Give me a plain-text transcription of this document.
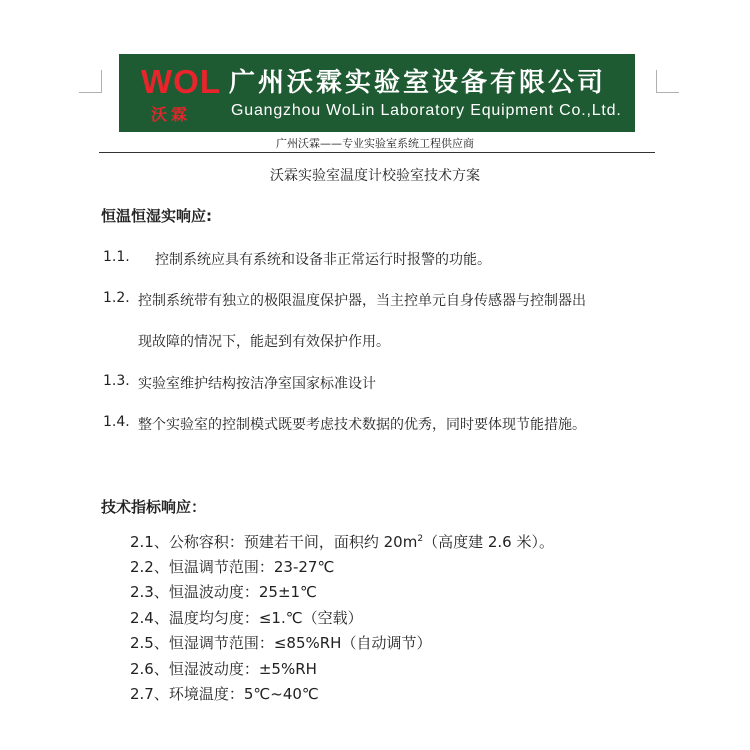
WOL
沃霖
广州沃霖实验室设备有限公司
Guangzhou WoLin Laboratory Equipment Co.,Ltd.
广州沃霖——专业实验室系统工程供应商
沃霖实验室温度计校验室技术方案
恒温恒湿实响应:
1.1. 控制系统应具有系统和设备非正常运行时报警的功能。
1.2. 控制系统带有独立的极限温度保护器，当主控单元自身传感器与控制器出
现故障的情况下，能起到有效保护作用。
1.3. 实验室维护结构按洁净室国家标准设计
1.4. 整个实验室的控制模式既要考虑技术数据的优秀，同时要体现节能措施。
技术指标响应：
2.1、公称容积：预建若干间，面积约 $20m^2$（高度建 2.6 米）。
2.2、恒温调节范围：23-27℃
2.3、恒温波动度：25±1℃
2.4、温度均匀度：≤1.℃（空载）
2.5、恒湿调节范围：≤85%RH（自动调节）
2.6、恒湿波动度：±5%RH
2.7、环境温度：5℃~40℃
